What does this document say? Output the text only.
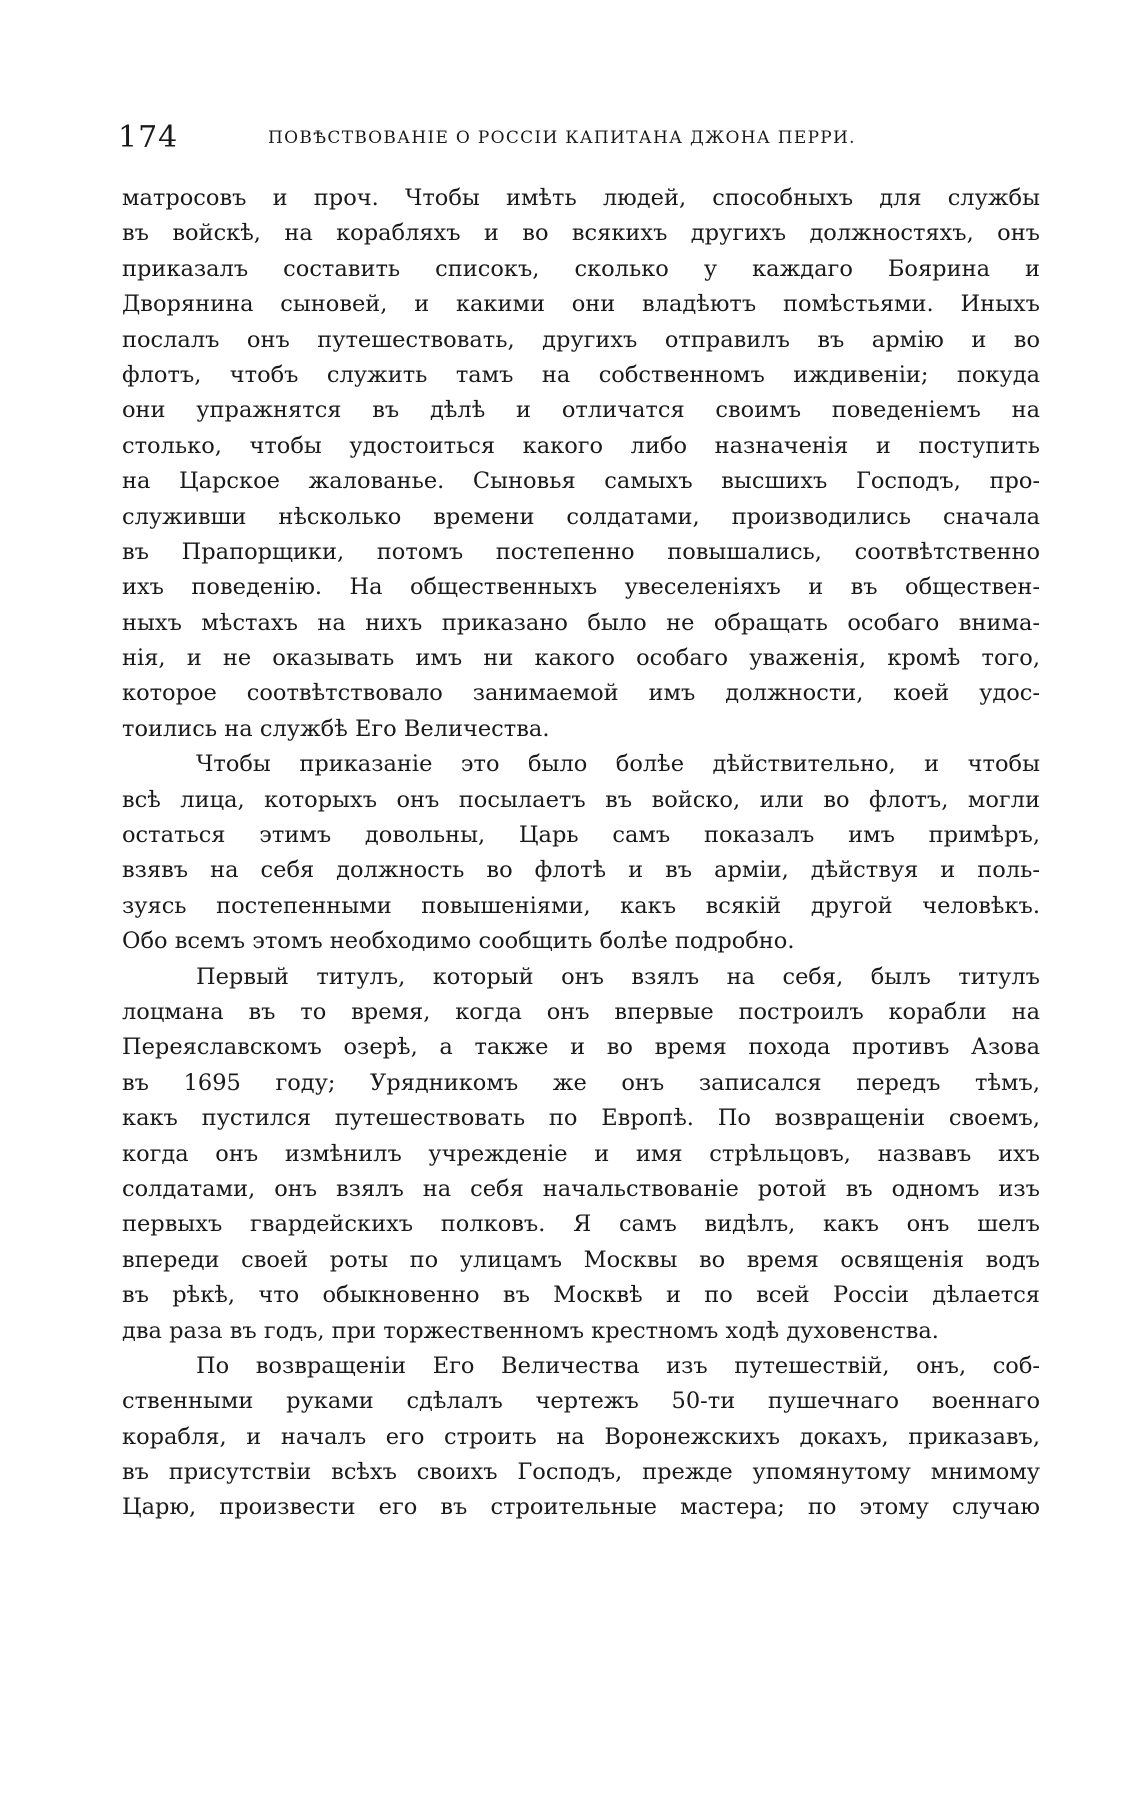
174	ПОВѢСТВОВАНІЕ О РОССІИ КАПИТАНА ДЖОНА ПЕРРИ.
матросовъ и проч. Чтобы имѣть людей, способныхъ для службы
въ войскѣ, на корабляхъ и во всякихъ другихъ должностяхъ, онъ
приказалъ составить списокъ, сколько у каждаго Боярина и
Дворянина сыновей, и какими они владѣютъ помѣстьями. Иныхъ
послалъ онъ путешествовать, другихъ отправилъ въ армію и во
флотъ, чтобъ служить тамъ на собственномъ иждивеніи; покуда
они упражнятся въ дѣлѣ и отличатся своимъ поведеніемъ на
столько, чтобы удостоиться какого либо назначенія и поступить
на Царское жалованье. Сыновья самыхъ высшихъ Господъ, про-
служивши нѣсколько времени солдатами, производились сначала
въ Прапорщики, потомъ постепенно повышались, соотвѣтственно
ихъ поведенію. На общественныхъ увеселеніяхъ и въ обществен-
ныхъ мѣстахъ на нихъ приказано было не обращать особаго внима-
нія, и не оказывать имъ ни какого особаго уваженія, кромѣ того,
которое соотвѣтствовало занимаемой имъ должности, коей удос-
тоились на службѣ Его Величества.
Чтобы приказаніе это было болѣе дѣйствительно, и чтобы
всѣ лица, которыхъ онъ посылаетъ въ войско, или во флотъ, могли
остаться этимъ довольны, Царь самъ показалъ имъ примѣръ,
взявъ на себя должность во флотѣ и въ арміи, дѣйствуя и поль-
зуясь постепенными повышеніями, какъ всякій другой человѣкъ.
Обо всемъ этомъ необходимо сообщить болѣе подробно.
Первый титулъ, который онъ взялъ на себя, былъ титулъ
лоцмана въ то время, когда онъ впервые построилъ корабли на
Переяславскомъ озерѣ, а также и во время похода противъ Азова
въ 1695 году; Урядникомъ же онъ записался передъ тѣмъ,
какъ пустился путешествовать по Европѣ. По возвращеніи своемъ,
когда онъ измѣнилъ учрежденіе и имя стрѣльцовъ, назвавъ ихъ
солдатами, онъ взялъ на себя начальствованіе ротой въ одномъ изъ
первыхъ гвардейскихъ полковъ. Я самъ видѣлъ, какъ онъ шелъ
впереди своей роты по улицамъ Москвы во время освященія водъ
въ рѣкѣ, что обыкновенно въ Москвѣ и по всей Россіи дѣлается
два раза въ годъ, при торжественномъ крестномъ ходѣ духовенства.
По возвращеніи Его Величества изъ путешествій, онъ, соб-
ственными руками сдѣлалъ чертежъ 50-ти пушечнаго военнаго
корабля, и началъ его строить на Воронежскихъ докахъ, приказавъ,
въ присутствіи всѣхъ своихъ Господъ, прежде упомянутому мнимому
Царю, произвести его въ строительные мастера; по этому случаю
